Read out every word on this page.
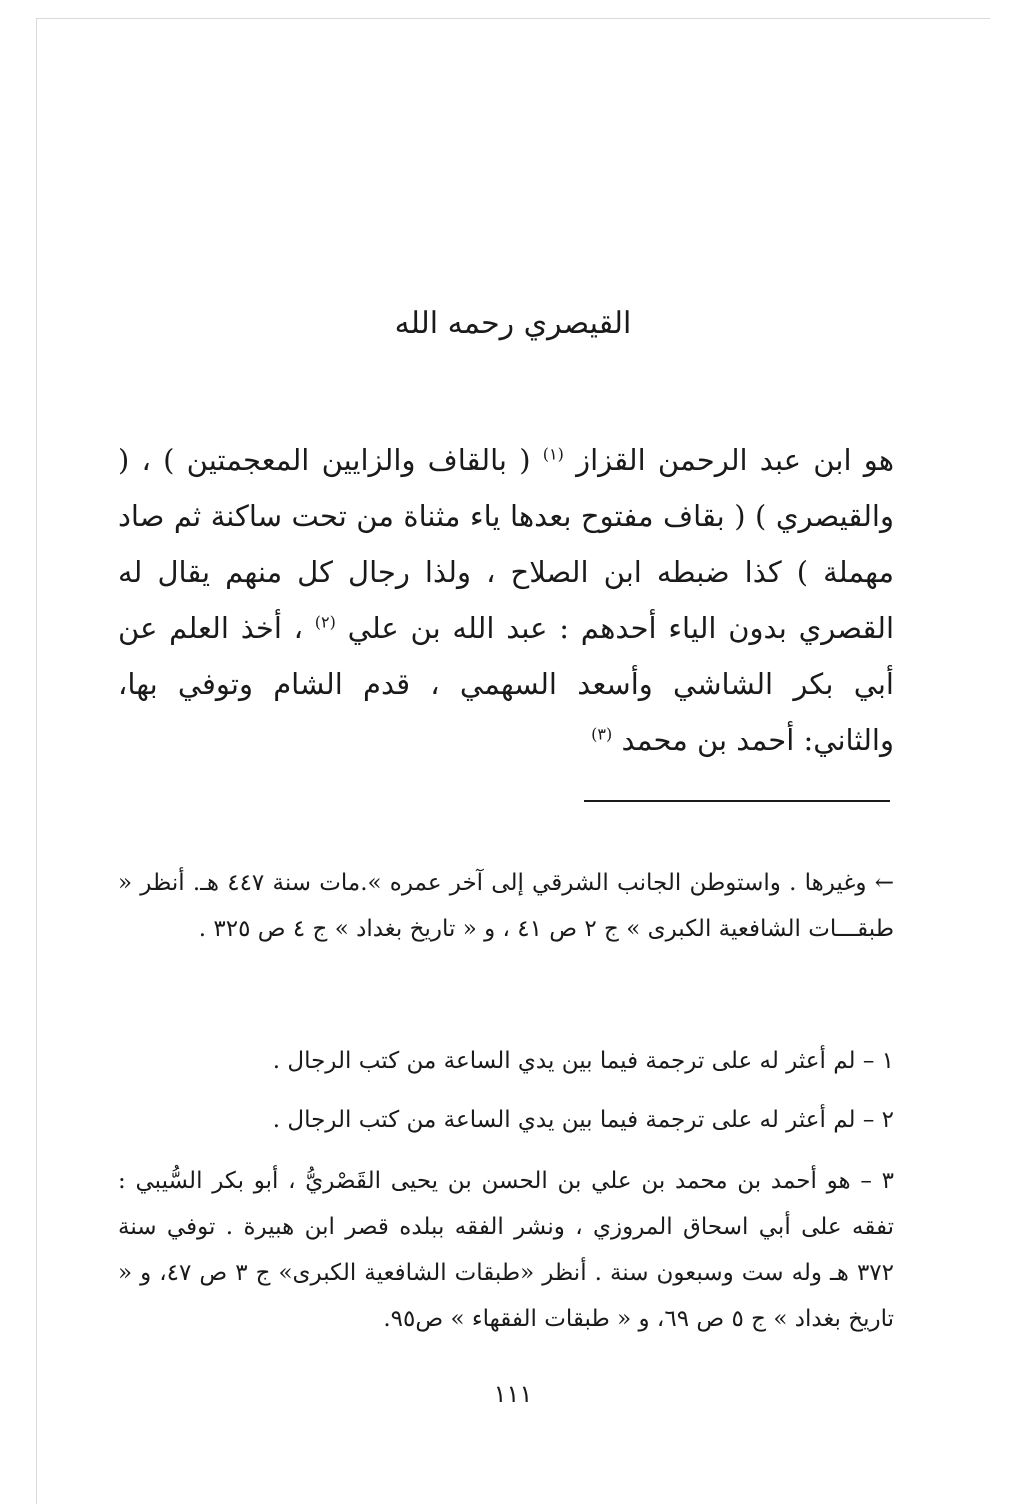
القيصري رحمه الله

هو ابن عبد الرحمن القزاز $^{(١)}$ ( بالقاف والزايين المعجمتين ) ، ( والقيصري ) ( بقاف مفتوح بعدها ياء مثناة من تحت ساكنة ثم صاد مهملة ) كذا ضبطه ابن الصلاح ، ولذا رجال كل منهم يقال له القصري بدون الياء أحدهم : عبد الله بن علي $^{(٢)}$ ، أخذ العلم عن أبي بكر الشاشي وأسعد السهمي ، قدم الشام وتوفي بها، والثاني: أحمد بن محمد $^{(٣)}$

← وغيرها . واستوطن الجانب الشرقي إلى آخر عمره ».مات سنة ٤٤٧ هـ. أنظر « طبقـــات الشافعية الكبرى » ج ٢ ص ٤١ ، و « تاريخ بغداد » ج ٤ ص ٣٢٥ .

١ – لم أعثر له على ترجمة فيما بين يدي الساعة من كتب الرجال .

٢ – لم أعثر له على ترجمة فيما بين يدي الساعة من كتب الرجال .

٣ – هو أحمد بن محمد بن علي بن الحسن بن يحيى القَصْريُّ ، أبو بكر السُّيبي : تفقه على أبي اسحاق المروزي ، ونشر الفقه ببلده قصر ابن هبيرة . توفي سنة ٣٧٢ هـ وله ست وسبعون سنة . أنظر «طبقات الشافعية الكبرى» ج ٣ ص ٤٧، و « تاريخ بغداد » ج ٥ ص ٦٩، و « طبقات الفقهاء » ص٩٥.

١١١
